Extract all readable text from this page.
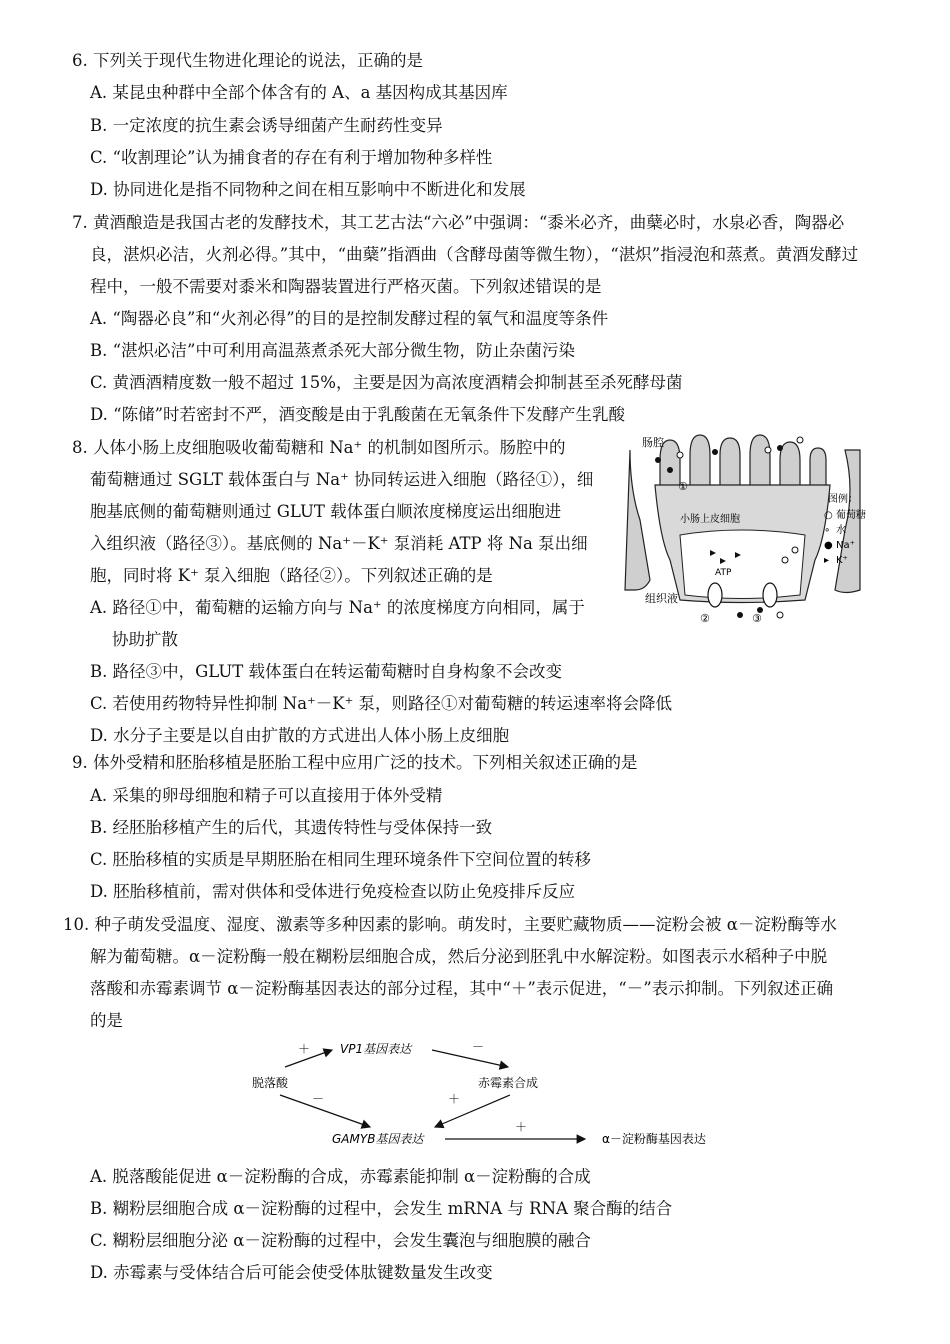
6. 下列关于现代生物进化理论的说法，正确的是
A. 某昆虫种群中全部个体含有的 A、a 基因构成其基因库
B. 一定浓度的抗生素会诱导细菌产生耐药性变异
C. “收割理论”认为捕食者的存在有利于增加物种多样性
D. 协同进化是指不同物种之间在相互影响中不断进化和发展
7. 黄酒酿造是我国古老的发酵技术，其工艺古法“六必”中强调：“黍米必齐，曲蘖必时，水泉必香，陶器必
良，湛炽必洁，火剂必得。”其中，“曲蘖”指酒曲（含酵母菌等微生物），“湛炽”指浸泡和蒸煮。黄酒发酵过
程中，一般不需要对黍米和陶器装置进行严格灭菌。下列叙述错误的是
A. “陶器必良”和“火剂必得”的目的是控制发酵过程的氧气和温度等条件
B. “湛炽必洁”中可利用高温蒸煮杀死大部分微生物，防止杂菌污染
C. 黄酒酒精度数一般不超过 15%，主要是因为高浓度酒精会抑制甚至杀死酵母菌
D. “陈储”时若密封不严，酒变酸是由于乳酸菌在无氧条件下发酵产生乳酸
8. 人体小肠上皮细胞吸收葡萄糖和 Na⁺ 的机制如图所示。肠腔中的
葡萄糖通过 SGLT 载体蛋白与 Na⁺ 协同转运进入细胞（路径①），细
胞基底侧的葡萄糖则通过 GLUT 载体蛋白顺浓度梯度运出细胞进
入组织液（路径③）。基底侧的 Na⁺－K⁺ 泵消耗 ATP 将 Na 泵出细
胞，同时将 K⁺ 泵入细胞（路径②）。下列叙述正确的是
A. 路径①中，葡萄糖的运输方向与 Na⁺ 的浓度梯度方向相同，属于
协助扩散
B. 路径③中，GLUT 载体蛋白在转运葡萄糖时自身构象不会改变
C. 若使用药物特异性抑制 Na⁺－K⁺ 泵，则路径①对葡萄糖的转运速率将会降低
D. 水分子主要是以自由扩散的方式进出人体小肠上皮细胞
肠腔
小肠上皮细胞
ATP
组织液
①
②	③
图例：
○ 葡萄糖
∘ 水
● Na⁺
▸ K⁺
9. 体外受精和胚胎移植是胚胎工程中应用广泛的技术。下列相关叙述正确的是
A. 采集的卵母细胞和精子可以直接用于体外受精
B. 经胚胎移植产生的后代，其遗传特性与受体保持一致
C. 胚胎移植的实质是早期胚胎在相同生理环境条件下空间位置的转移
D. 胚胎移植前，需对供体和受体进行免疫检查以防止免疫排斥反应
10. 种子萌发受温度、湿度、激素等多种因素的影响。萌发时，主要贮藏物质——淀粉会被 α－淀粉酶等水
解为葡萄糖。α－淀粉酶一般在糊粉层细胞合成，然后分泌到胚乳中水解淀粉。如图表示水稻种子中脱
落酸和赤霉素调节 α－淀粉酶基因表达的部分过程，其中“＋”表示促进，“－”表示抑制。下列叙述正确
的是
＋	－
－	＋
＋
VP1基因表达
脱落酸	赤霉素合成
GAMYB基因表达	α－淀粉酶基因表达
A. 脱落酸能促进 α－淀粉酶的合成，赤霉素能抑制 α－淀粉酶的合成
B. 糊粉层细胞合成 α－淀粉酶的过程中，会发生 mRNA 与 RNA 聚合酶的结合
C. 糊粉层细胞分泌 α－淀粉酶的过程中，会发生囊泡与细胞膜的融合
D. 赤霉素与受体结合后可能会使受体肽键数量发生改变
